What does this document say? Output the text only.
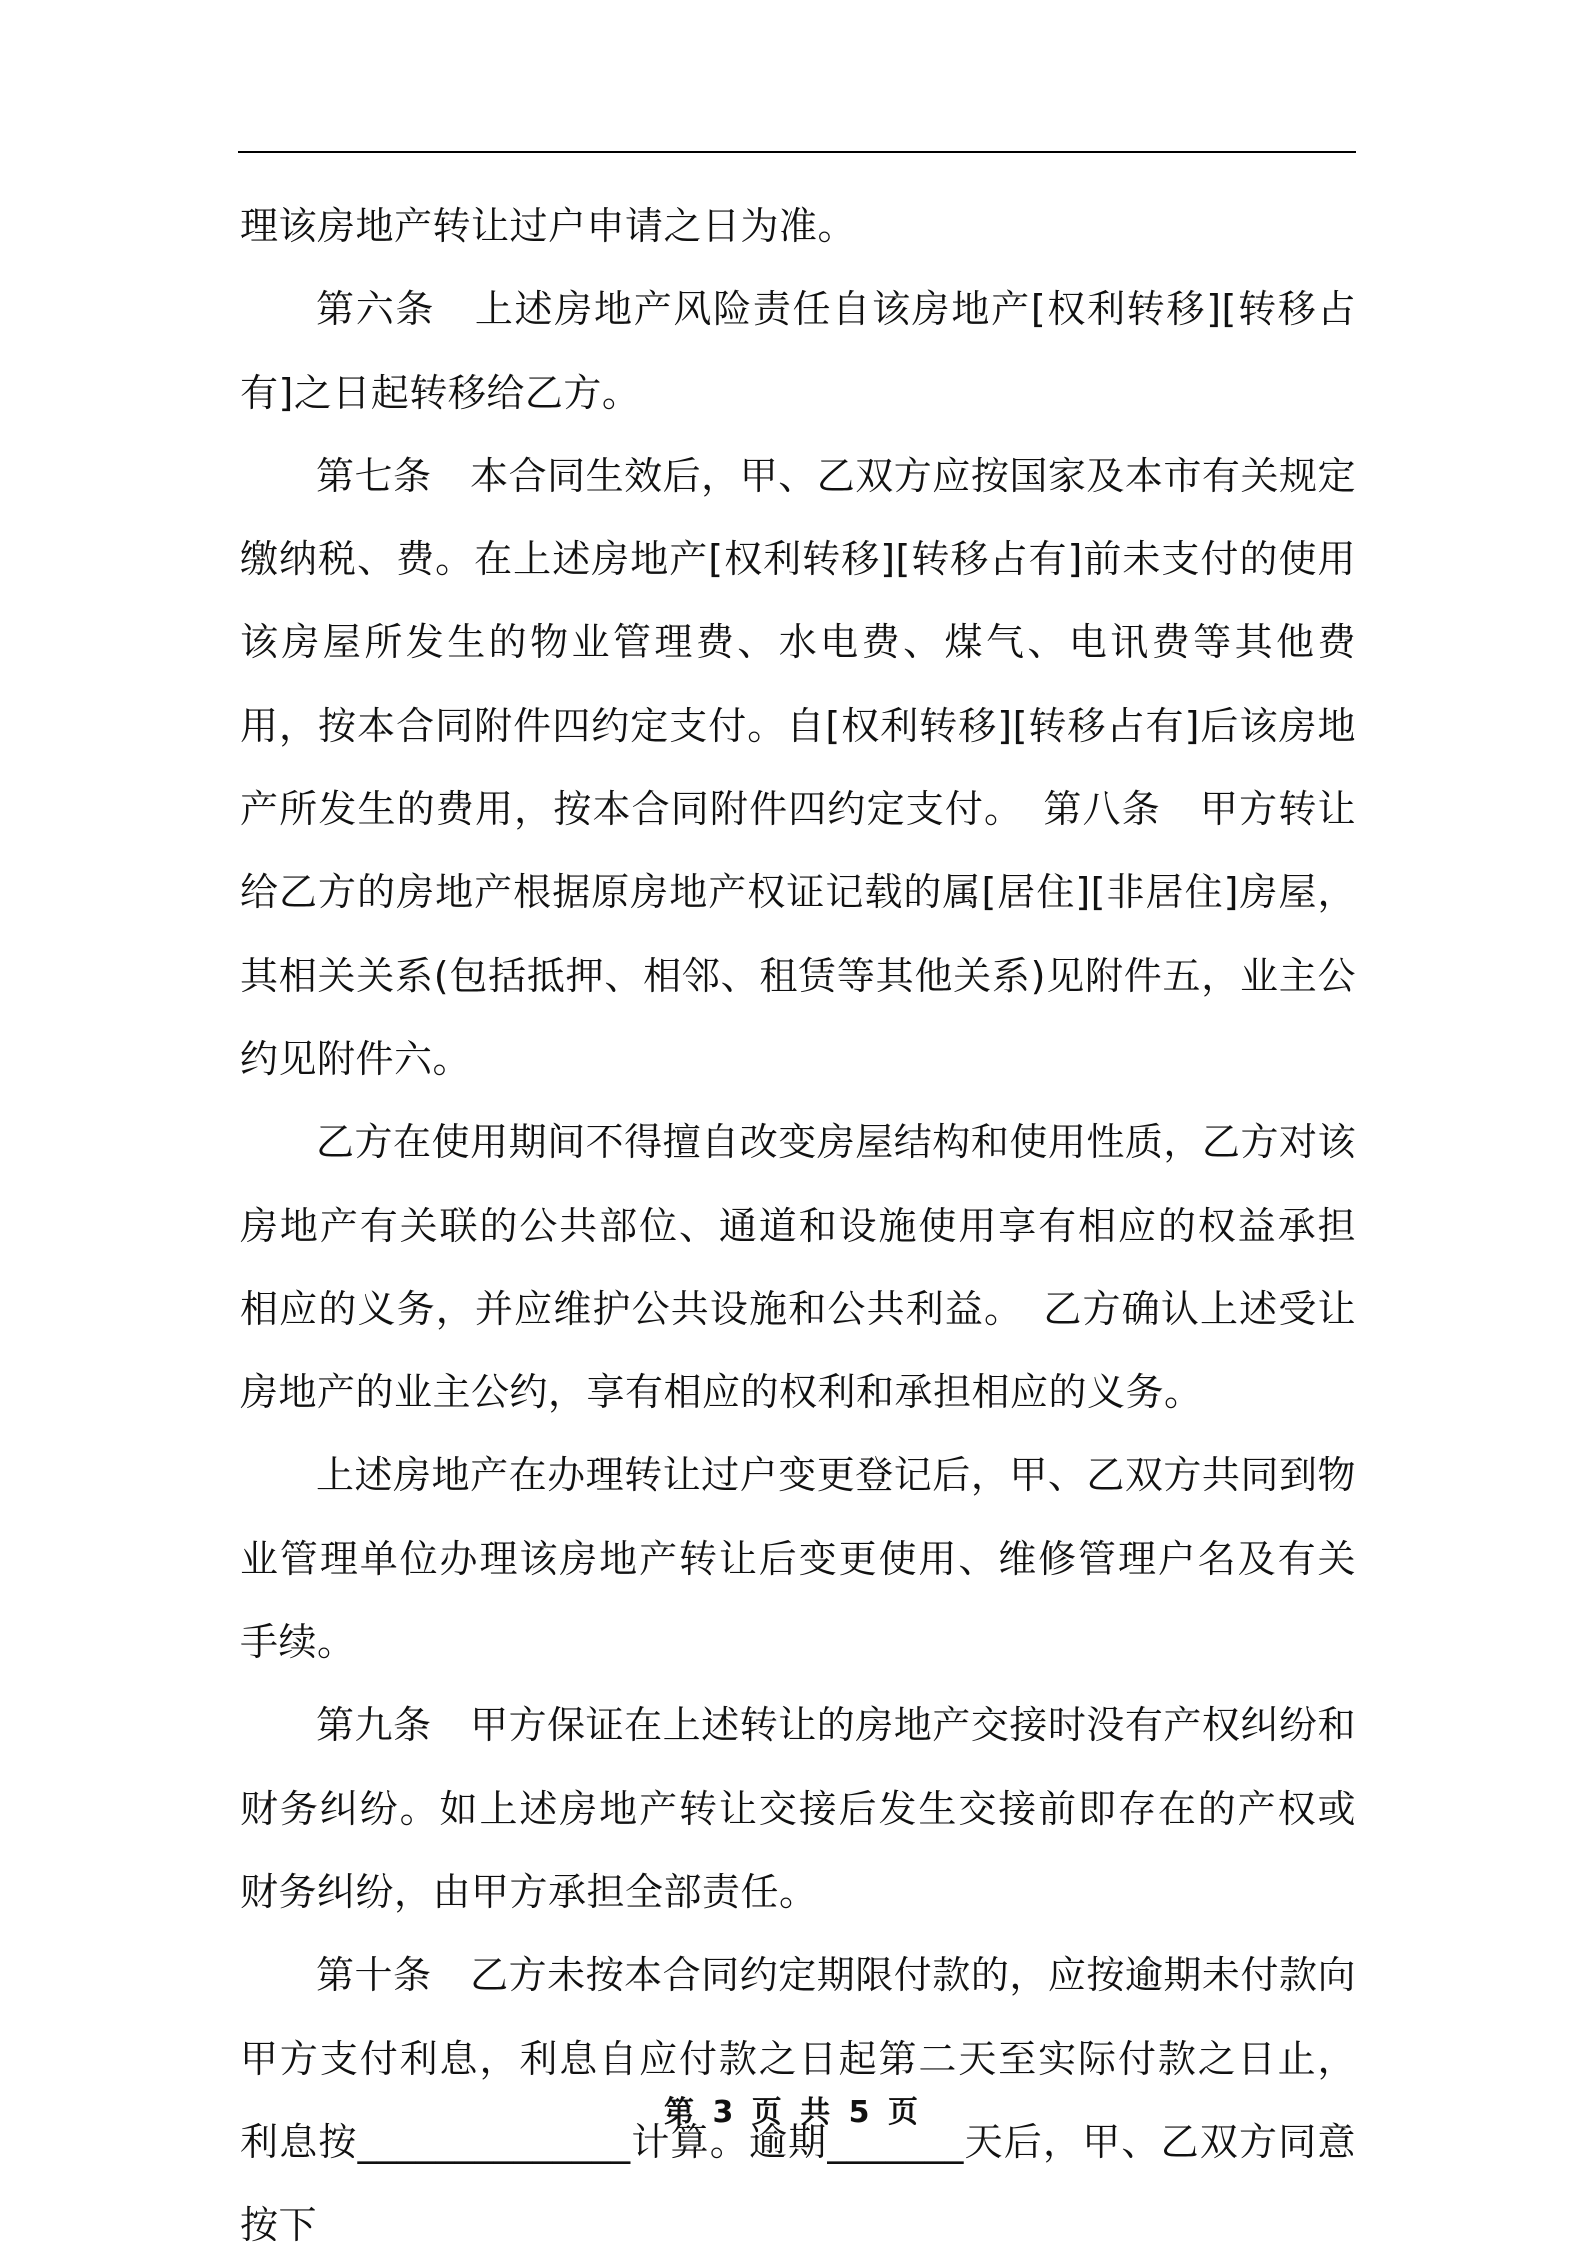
理该房地产转让过户申请之日为准。

第六条　上述房地产风险责任自该房地产[权利转移][转移占有]之日起转移给乙方。

第七条　本合同生效后，甲、乙双方应按国家及本市有关规定缴纳税、费。在上述房地产[权利转移][转移占有]前未支付的使用该房屋所发生的物业管理费、水电费、煤气、电讯费等其他费用，按本合同附件四约定支付。自[权利转移][转移占有]后该房地产所发生的费用，按本合同附件四约定支付。　第八条　甲方转让给乙方的房地产根据原房地产权证记载的属[居住][非居住]房屋，其相关关系(包括抵押、相邻、租赁等其他关系)见附件五，业主公约见附件六。

乙方在使用期间不得擅自改变房屋结构和使用性质，乙方对该房地产有关联的公共部位、通道和设施使用享有相应的权益承担相应的义务，并应维护公共设施和公共利益。　乙方确认上述受让房地产的业主公约，享有相应的权利和承担相应的义务。

上述房地产在办理转让过户变更登记后，甲、乙双方共同到物业管理单位办理该房地产转让后变更使用、维修管理户名及有关手续。

第九条　甲方保证在上述转让的房地产交接时没有产权纠纷和财务纠纷。如上述房地产转让交接后发生交接前即存在的产权或财务纠纷，由甲方承担全部责任。

第十条　乙方未按本合同约定期限付款的，应按逾期未付款向甲方支付利息，利息自应付款之日起第二天至实际付款之日止，利息按______________计算。逾期_______天后，甲、乙双方同意按下

第 3 页 共 5 页
